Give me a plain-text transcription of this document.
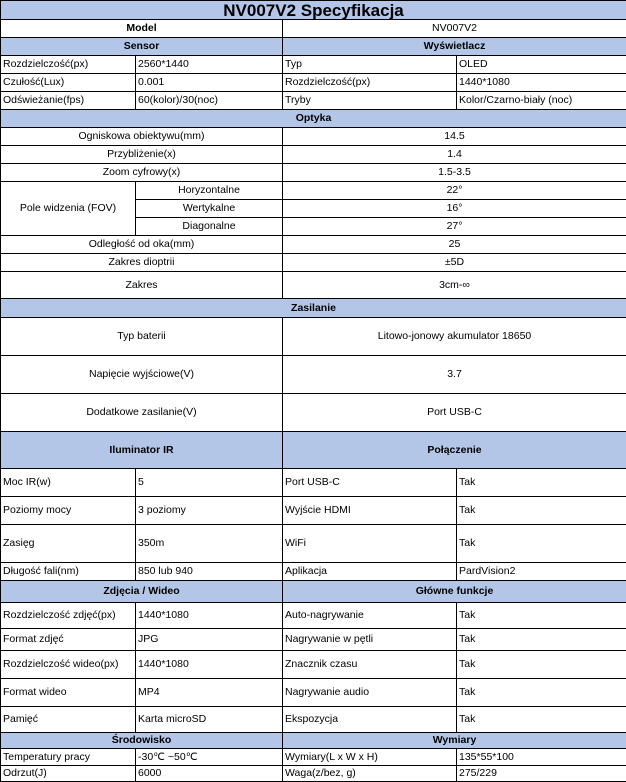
NV007V2 Specyfikacja			
Model		NV007V2	
Sensor		Wyświetlacz	
Rozdzielczość(px)	2560*1440	Typ	OLED
Czułość(Lux)	0.001	Rozdzielczość(px)	1440*1080
Odświeżanie(fps)	60(kolor)/30(noc)	Tryby	Kolor/Czarno-biały (noc)
Optyka			
Ogniskowa obiektywu(mm)		14.5	
Przybliżenie(x)		1.4	
Zoom cyfrowy(x)		1.5-3.5	
Pole widzenia (FOV)	Horyzontalne	22°	
	Wertykalne	16°	
	Diagonalne	27°	
Odległość od oka(mm)		25	
Zakres dioptrii		±5D	
Zakres		3cm-∞	
Zasilanie			
Typ baterii		Litowo-jonowy akumulator 18650	
Napięcie wyjściowe(V)		3.7	
Dodatkowe zasilanie(V)		Port USB-C	
Iluminator IR		Połączenie	
Moc IR(w)	5	Port USB-C	Tak
Poziomy mocy	3 poziomy	Wyjście HDMI	Tak
Zasięg	350m	WiFi	Tak
Długość fali(nm)	850 lub 940	Aplikacja	PardVision2
Zdjęcia / Wideo		Główne funkcje	
Rozdzielczość zdjęć(px)	1440*1080	Auto-nagrywanie	Tak
Format zdjęć	JPG	Nagrywanie w pętli	Tak
Rozdzielczość wideo(px)	1440*1080	Znacznik czasu	Tak
Format wideo	MP4	Nagrywanie audio	Tak
Pamięć	Karta microSD	Ekspozycja	Tak
Środowisko		Wymiary	
Temperatury pracy	-30℃ ~50℃	Wymiary(L x W x H)	135*55*100
Odrzut(J)	6000	Waga(z/bez, g)	275/229
